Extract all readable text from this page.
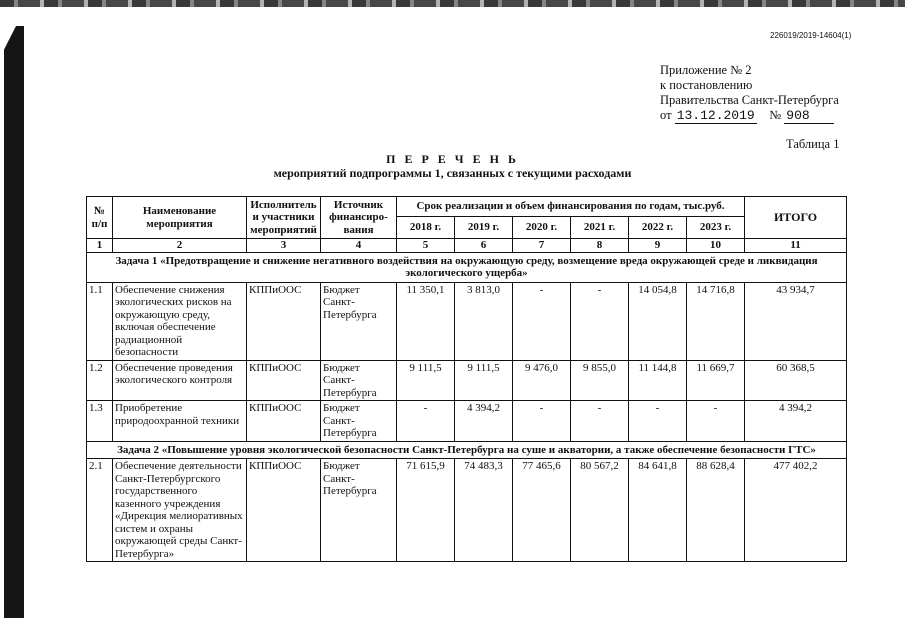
226019/2019-14604(1)
Приложение № 2
к постановлению
Правительства Санкт-Петербурга
от 13.12.2019 № 908
Таблица 1
П Е Р Е Ч Е Н Ь
мероприятий подпрограммы 1, связанных с текущими расходами
№ п/п	Наименование мероприятия	Исполнитель и участники мероприятий	Источник финансиро-вания	Срок реализации и объем финансирования по годам, тыс.руб.						ИТОГО
				2018 г.	2019 г.	2020 г.	2021 г.	2022 г.	2023 г.	
1	2	3	4	5	6	7	8	9	10	11
Задача 1 «Предотвращение и снижение негативного воздействия на окружающую среду, возмещение вреда окружающей среде и ликвидация экологического ущерба»										
1.1	Обеспечение снижения экологических рисков на окружающую среду, включая обеспечение радиационной безопасности	КППиООС	Бюджет Санкт-Петербурга	11 350,1	3 813,0	-	-	14 054,8	14 716,8	43 934,7
1.2	Обеспечение проведения экологического контроля	КППиООС	Бюджет Санкт-Петербурга	9 111,5	9 111,5	9 476,0	9 855,0	11 144,8	11 669,7	60 368,5
1.3	Приобретение природоохранной техники	КППиООС	Бюджет Санкт-Петербурга	-	4 394,2	-	-	-	-	4 394,2
Задача 2 «Повышение уровня экологической безопасности Санкт-Петербурга на суше и акватории, а также обеспечение безопасности ГТС»										
2.1	Обеспечение деятельности Санкт-Петербургского государственного казенного учреждения «Дирекция мелиоративных систем и охраны окружающей среды Санкт-Петербурга»	КППиООС	Бюджет Санкт-Петербурга	71 615,9	74 483,3	77 465,6	80 567,2	84 641,8	88 628,4	477 402,2
